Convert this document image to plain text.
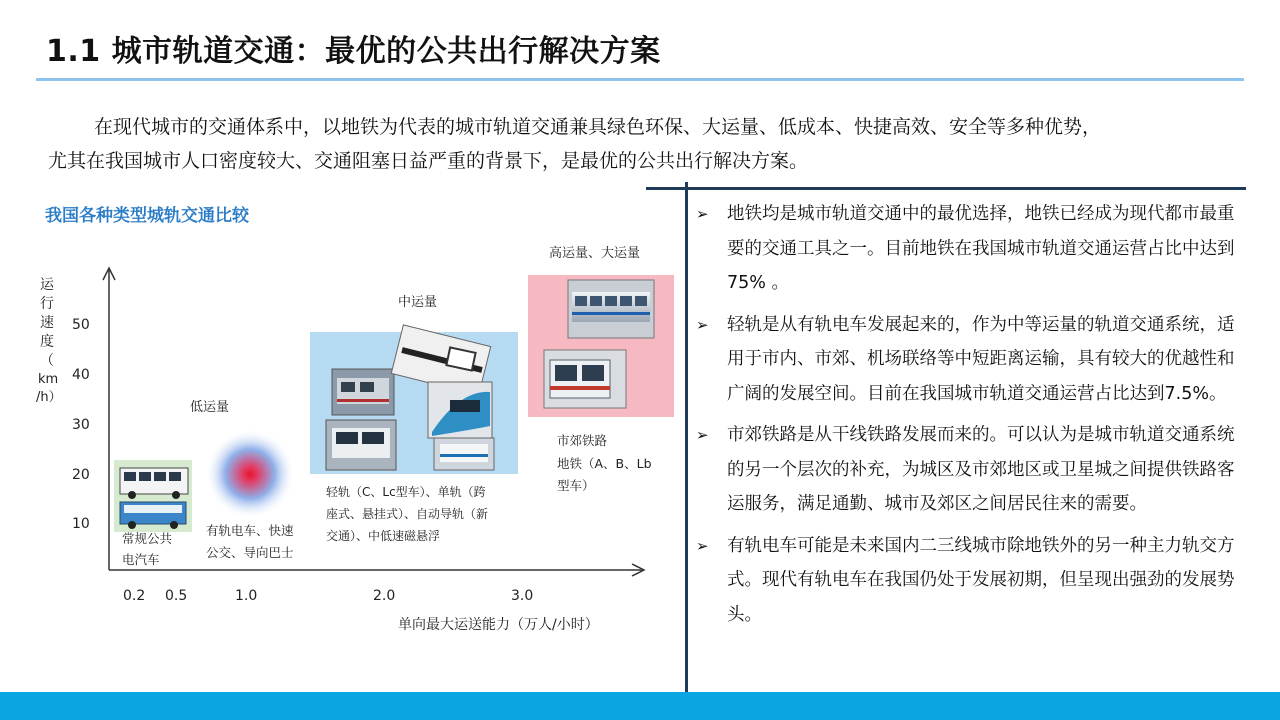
1.1 城市轨道交通：最优的公共出行解决方案

在现代城市的交通体系中，以地铁为代表的城市轨道交通兼具绿色环保、大运量、低成本、快捷高效、安全等多种优势，

尤其在我国城市人口密度较大、交通阻塞日益严重的背景下，是最优的公共出行解决方案。

我国各种类型城轨交通比较
运
行
速
度
（
km
/h）
50
40
30
20
10
0.2 0.5	1.0	2.0	3.0
单向最大运送能力（万人/小时）
常规公共
电汽车
低运量
有轨电车、快速
公交、导向巴士
中运量
轻轨（C、Lc型车）、单轨（跨
座式、悬挂式）、自动导轨（新
交通）、中低速磁悬浮
高运量、大运量
市郊铁路
地铁（A、B、Lb
型车）
➢ 地铁均是城市轨道交通中的最优选择，地铁已经成为现代都市最重要的交通工具之一。目前地铁在我国城市轨道交通运营占比中达到75% 。
➢ 轻轨是从有轨电车发展起来的，作为中等运量的轨道交通系统，适用于市内、市郊、机场联络等中短距离运输，具有较大的优越性和广阔的发展空间。目前在我国城市轨道交通运营占比达到7.5%。
➢ 市郊铁路是从干线铁路发展而来的。可以认为是城市轨道交通系统的另一个层次的补充，为城区及市郊地区或卫星城之间提供铁路客运服务，满足通勤、城市及郊区之间居民往来的需要。
➢ 有轨电车可能是未来国内二三线城市除地铁外的另一种主力轨交方式。现代有轨电车在我国仍处于发展初期，但呈现出强劲的发展势头。
